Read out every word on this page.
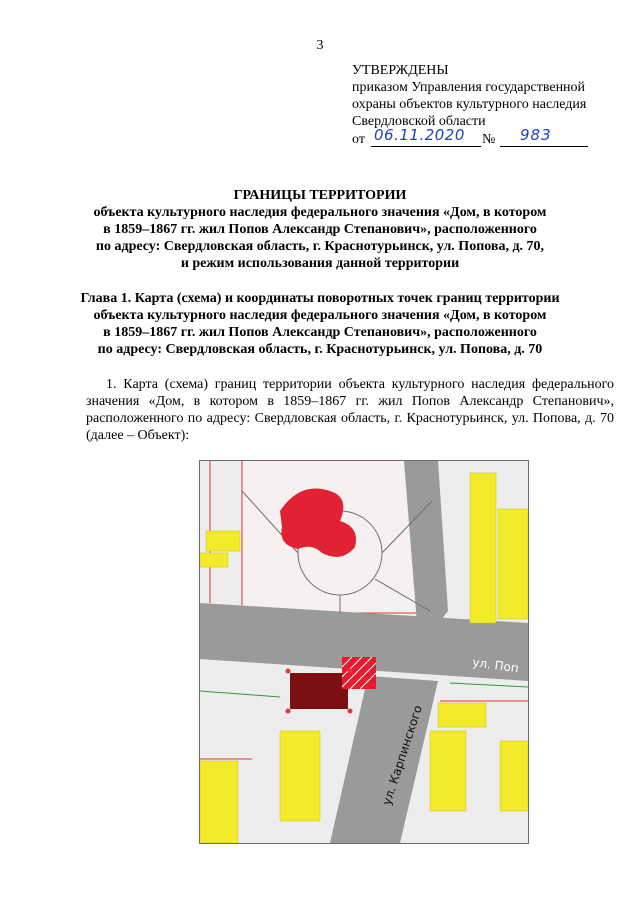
3
УТВЕРЖДЕНЫ
приказом Управления государственной
охраны объектов культурного наследия
Свердловской области
от 06.11.2020 № 983
ГРАНИЦЫ ТЕРРИТОРИИ
объекта культурного наследия федерального значения «Дом, в котором
в 1859–1867 гг. жил Попов Александр Степанович», расположенного
по адресу: Свердловская область, г. Краснотурьинск, ул. Попова, д. 70,
и режим использования данной территории
Глава 1. Карта (схема) и координаты поворотных точек границ территории
объекта культурного наследия федерального значения «Дом, в котором
в 1859–1867 гг. жил Попов Александр Степанович», расположенного
по адресу: Свердловская область, г. Краснотурьинск, ул. Попова, д. 70
1. Карта (схема) границ территории объекта культурного наследия федерального значения «Дом, в котором в 1859–1867 гг. жил Попов Александр Степанович», расположенного по адресу: Свердловская область, г. Краснотурьинск, ул. Попова, д. 70 (далее – Объект):
ул. Поп
ул. Карпинского
